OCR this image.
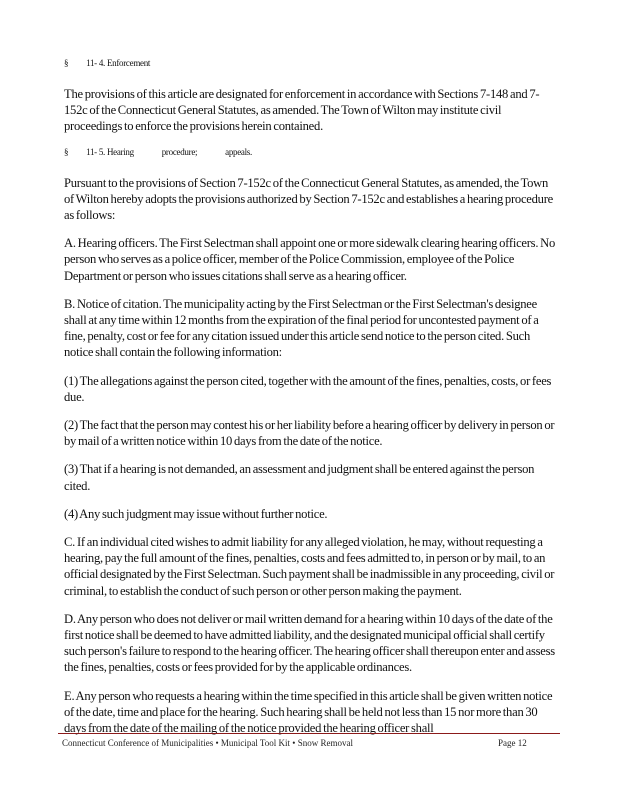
§ 11- 4. Enforcement

The provisions of this article are designated for enforcement in accordance with Sections 7-148 and 7-152c of the Connecticut General Statutes, as amended. The Town of Wilton may institute civil proceedings to enforce the provisions herein contained.

§ 11- 5. Hearing	procedure;	appeals.

Pursuant to the provisions of Section 7-152c of the Connecticut General Statutes, as amended, the Town of Wilton hereby adopts the provisions authorized by Section 7-152c and establishes a hearing procedure as follows:

A. Hearing officers. The First Selectman shall appoint one or more sidewalk clearing hearing officers. No person who serves as a police officer, member of the Police Commission, employee of the Police Department or person who issues citations shall serve as a hearing officer.

B. Notice of citation. The municipality acting by the First Selectman or the First Selectman's designee shall at any time within 12 months from the expiration of the final period for uncontested payment of a fine, penalty, cost or fee for any citation issued under this article send notice to the person cited. Such notice shall contain the following information:

(1) The allegations against the person cited, together with the amount of the fines, penalties, costs, or fees due.

(2) The fact that the person may contest his or her liability before a hearing officer by delivery in person or by mail of a written notice within 10 days from the date of the notice.

(3) That if a hearing is not demanded, an assessment and judgment shall be entered against the person cited.

(4) Any such judgment may issue without further notice.

C. If an individual cited wishes to admit liability for any alleged violation, he may, without requesting a hearing, pay the full amount of the fines, penalties, costs and fees admitted to, in person or by mail, to an official designated by the First Selectman. Such payment shall be inadmissible in any proceeding, civil or criminal, to establish the conduct of such person or other person making the payment.

D. Any person who does not deliver or mail written demand for a hearing within 10 days of the date of the first notice shall be deemed to have admitted liability, and the designated municipal official shall certify such person's failure to respond to the hearing officer. The hearing officer shall thereupon enter and assess the fines, penalties, costs or fees provided for by the applicable ordinances.

E. Any person who requests a hearing within the time specified in this article shall be given written notice of the date, time and place for the hearing. Such hearing shall be held not less than 15 nor more than 30 days from the date of the mailing of the notice provided the hearing officer shall

Connecticut Conference of Municipalities • Municipal Tool Kit • Snow Removal	Page 12
